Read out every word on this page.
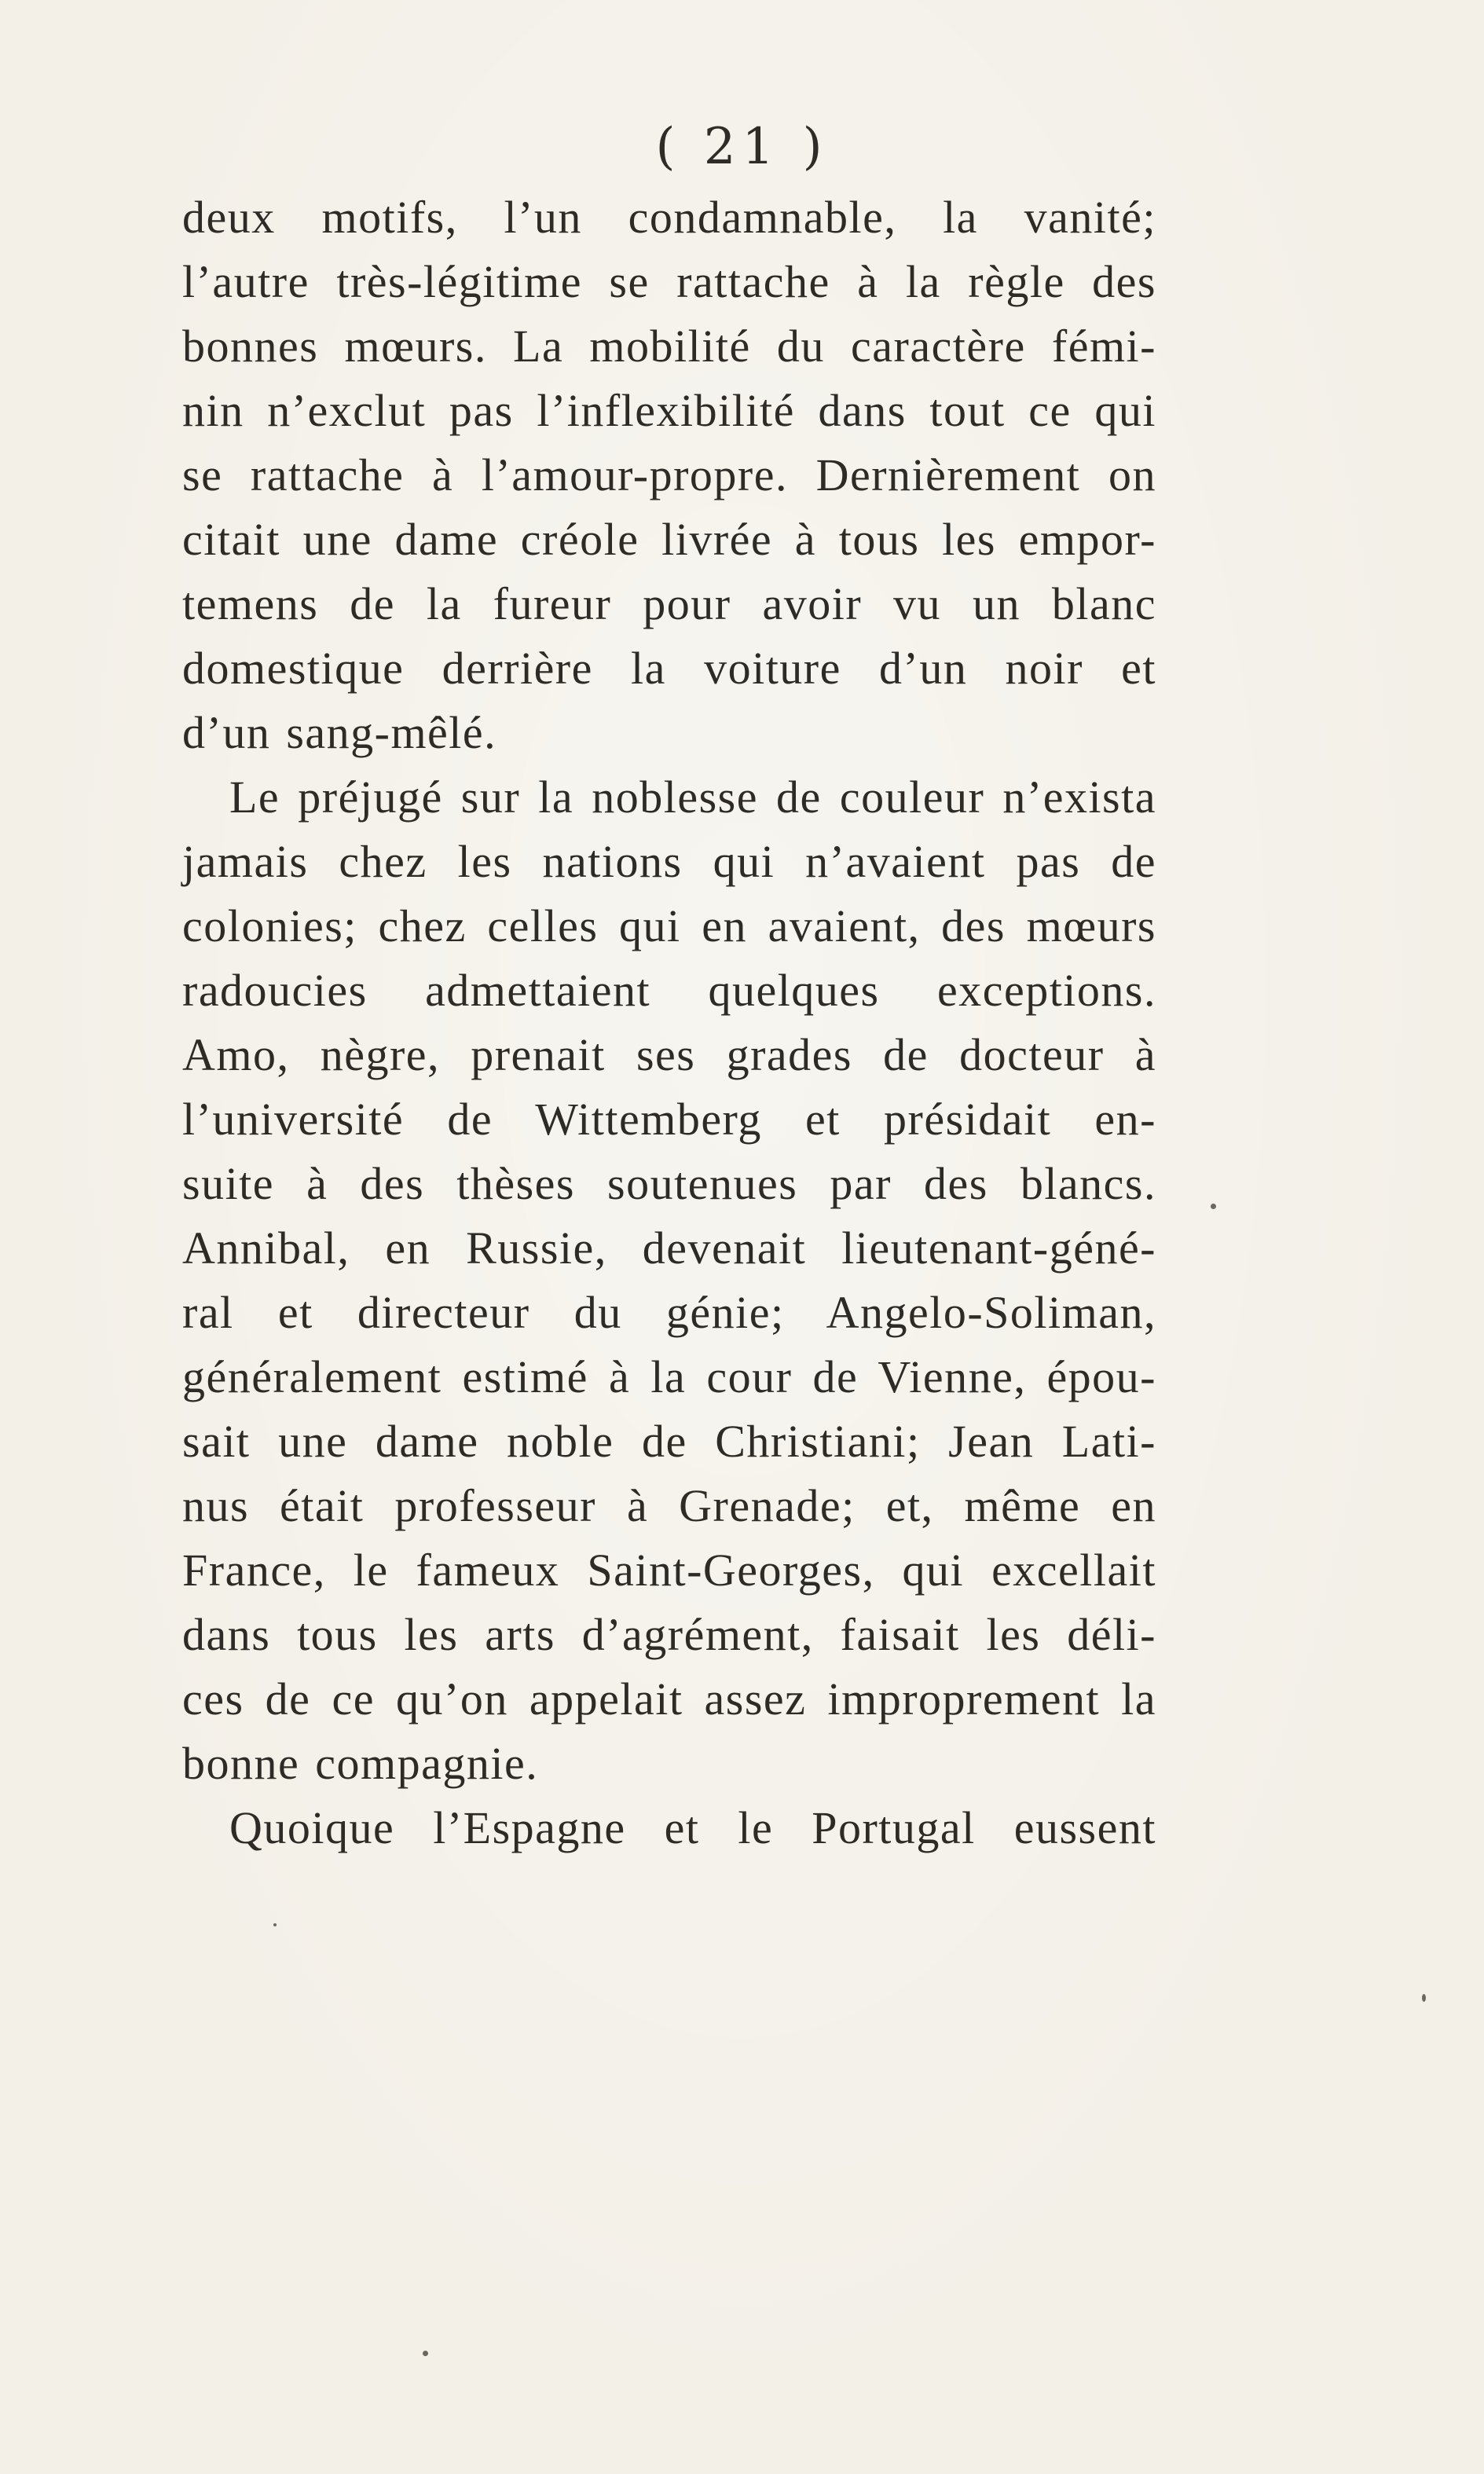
( 21 )
deux motifs, l’un condamnable, la vanité;
l’autre très-légitime se rattache à la règle des
bonnes mœurs. La mobilité du caractère fémi-
nin n’exclut pas l’inflexibilité dans tout ce qui
se rattache à l’amour-propre. Dernièrement on
citait une dame créole livrée à tous les empor-
temens de la fureur pour avoir vu un blanc
domestique derrière la voiture d’un noir et
d’un sang-mêlé.
Le préjugé sur la noblesse de couleur n’exista
jamais chez les nations qui n’avaient pas de
colonies; chez celles qui en avaient, des mœurs
radoucies admettaient quelques exceptions.
Amo, nègre, prenait ses grades de docteur à
l’université de Wittemberg et présidait en-
suite à des thèses soutenues par des blancs.
Annibal, en Russie, devenait lieutenant-géné-
ral et directeur du génie; Angelo-Soliman,
généralement estimé à la cour de Vienne, épou-
sait une dame noble de Christiani; Jean Lati-
nus était professeur à Grenade; et, même en
France, le fameux Saint-Georges, qui excellait
dans tous les arts d’agrément, faisait les déli-
ces de ce qu’on appelait assez improprement la
bonne compagnie.
Quoique l’Espagne et le Portugal eussent
